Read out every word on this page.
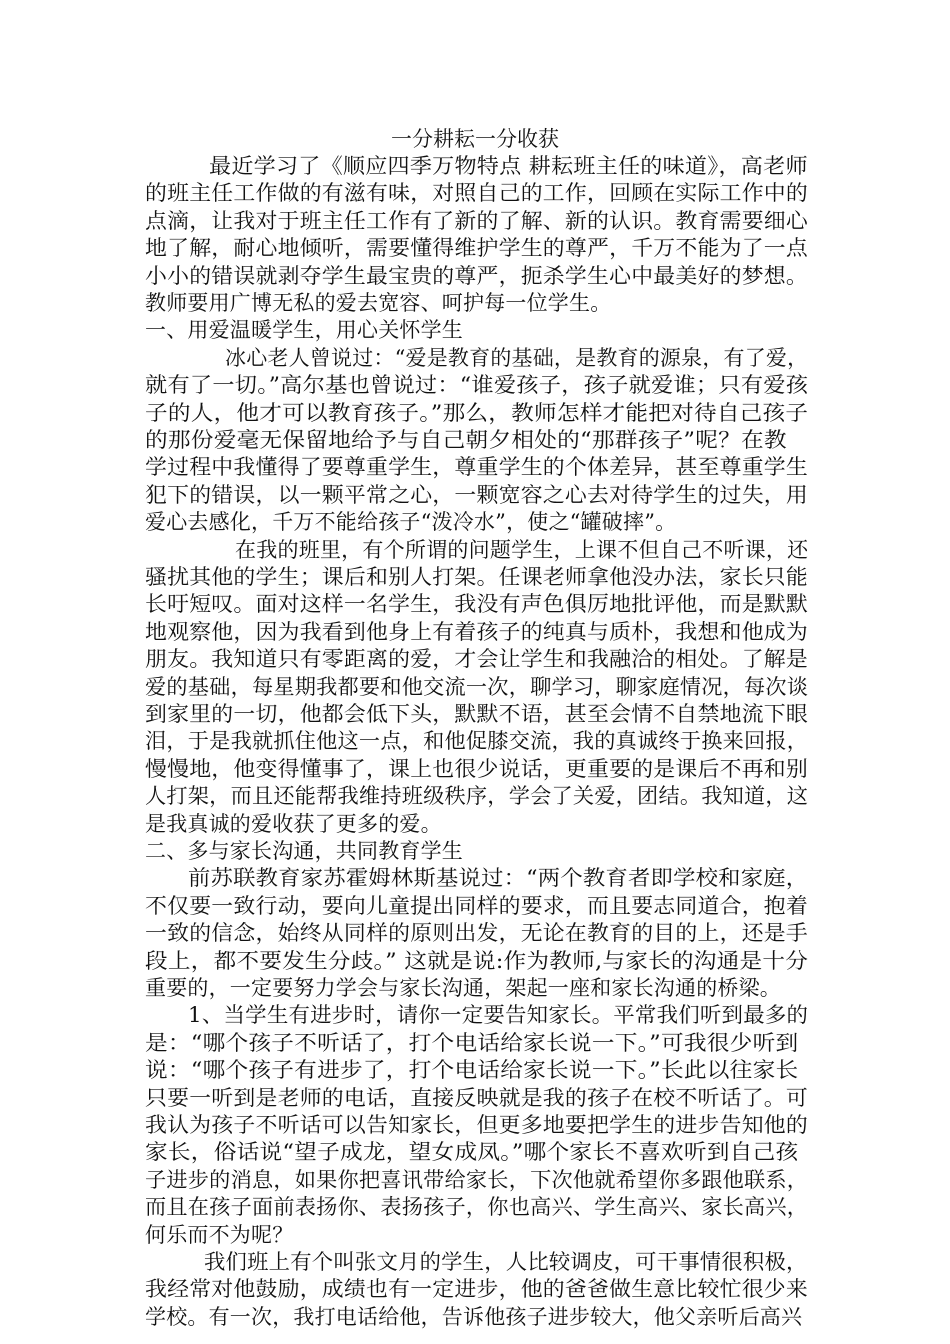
一分耕耘一分收获
最近学习了《顺应四季万物特点 耕耘班主任的味道》，高老师
的班主任工作做的有滋有味，对照自己的工作，回顾在实际工作中的
点滴，让我对于班主任工作有了新的了解、新的认识。教育需要细心
地了解，耐心地倾听，需要懂得维护学生的尊严，千万不能为了一点
小小的错误就剥夺学生最宝贵的尊严，扼杀学生心中最美好的梦想。
教师要用广博无私的爱去宽容、呵护每一位学生。
一、用爱温暖学生，用心关怀学生
冰心老人曾说过：“爱是教育的基础，是教育的源泉，有了爱，
就有了一切。”高尔基也曾说过：“谁爱孩子，孩子就爱谁；只有爱孩
子的人，他才可以教育孩子。”那么，教师怎样才能把对待自己孩子
的那份爱毫无保留地给予与自己朝夕相处的“那群孩子”呢？在教
学过程中我懂得了要尊重学生，尊重学生的个体差异，甚至尊重学生
犯下的错误，以一颗平常之心，一颗宽容之心去对待学生的过失，用
爱心去感化，千万不能给孩子“泼冷水”，使之“罐破摔”。
在我的班里，有个所谓的问题学生，上课不但自己不听课，还
骚扰其他的学生；课后和别人打架。任课老师拿他没办法，家长只能
长吁短叹。面对这样一名学生，我没有声色俱厉地批评他，而是默默
地观察他，因为我看到他身上有着孩子的纯真与质朴，我想和他成为
朋友。我知道只有零距离的爱，才会让学生和我融洽的相处。了解是
爱的基础，每星期我都要和他交流一次，聊学习，聊家庭情况，每次谈
到家里的一切，他都会低下头，默默不语，甚至会情不自禁地流下眼
泪，于是我就抓住他这一点，和他促膝交流，我的真诚终于换来回报，
慢慢地，他变得懂事了，课上也很少说话，更重要的是课后不再和别
人打架，而且还能帮我维持班级秩序，学会了关爱，团结。我知道，这
是我真诚的爱收获了更多的爱。
二、多与家长沟通，共同教育学生
前苏联教育家苏霍姆林斯基说过：“两个教育者即学校和家庭，
不仅要一致行动，要向儿童提出同样的要求，而且要志同道合，抱着
一致的信念，始终从同样的原则出发，无论在教育的目的上，还是手
段上，都不要发生分歧。” 这就是说:作为教师,与家长的沟通是十分
重要的，一定要努力学会与家长沟通，架起一座和家长沟通的桥梁。
1、当学生有进步时，请你一定要告知家长。平常我们听到最多的
是：“哪个孩子不听话了，打个电话给家长说一下。”可我很少听到
说：“哪个孩子有进步了，打个电话给家长说一下。”长此以往家长
只要一听到是老师的电话，直接反映就是我的孩子在校不听话了。可
我认为孩子不听话可以告知家长，但更多地要把学生的进步告知他的
家长，俗话说“望子成龙，望女成凤。”哪个家长不喜欢听到自己孩
子进步的消息，如果你把喜讯带给家长，下次他就希望你多跟他联系，
而且在孩子面前表扬你、表扬孩子，你也高兴、学生高兴、家长高兴，
何乐而不为呢？
我们班上有个叫张文月的学生，人比较调皮，可干事情很积极，
我经常对他鼓励，成绩也有一定进步，他的爸爸做生意比较忙很少来
学校。有一次，我打电话给他，告诉他孩子进步较大，他父亲听后高兴
